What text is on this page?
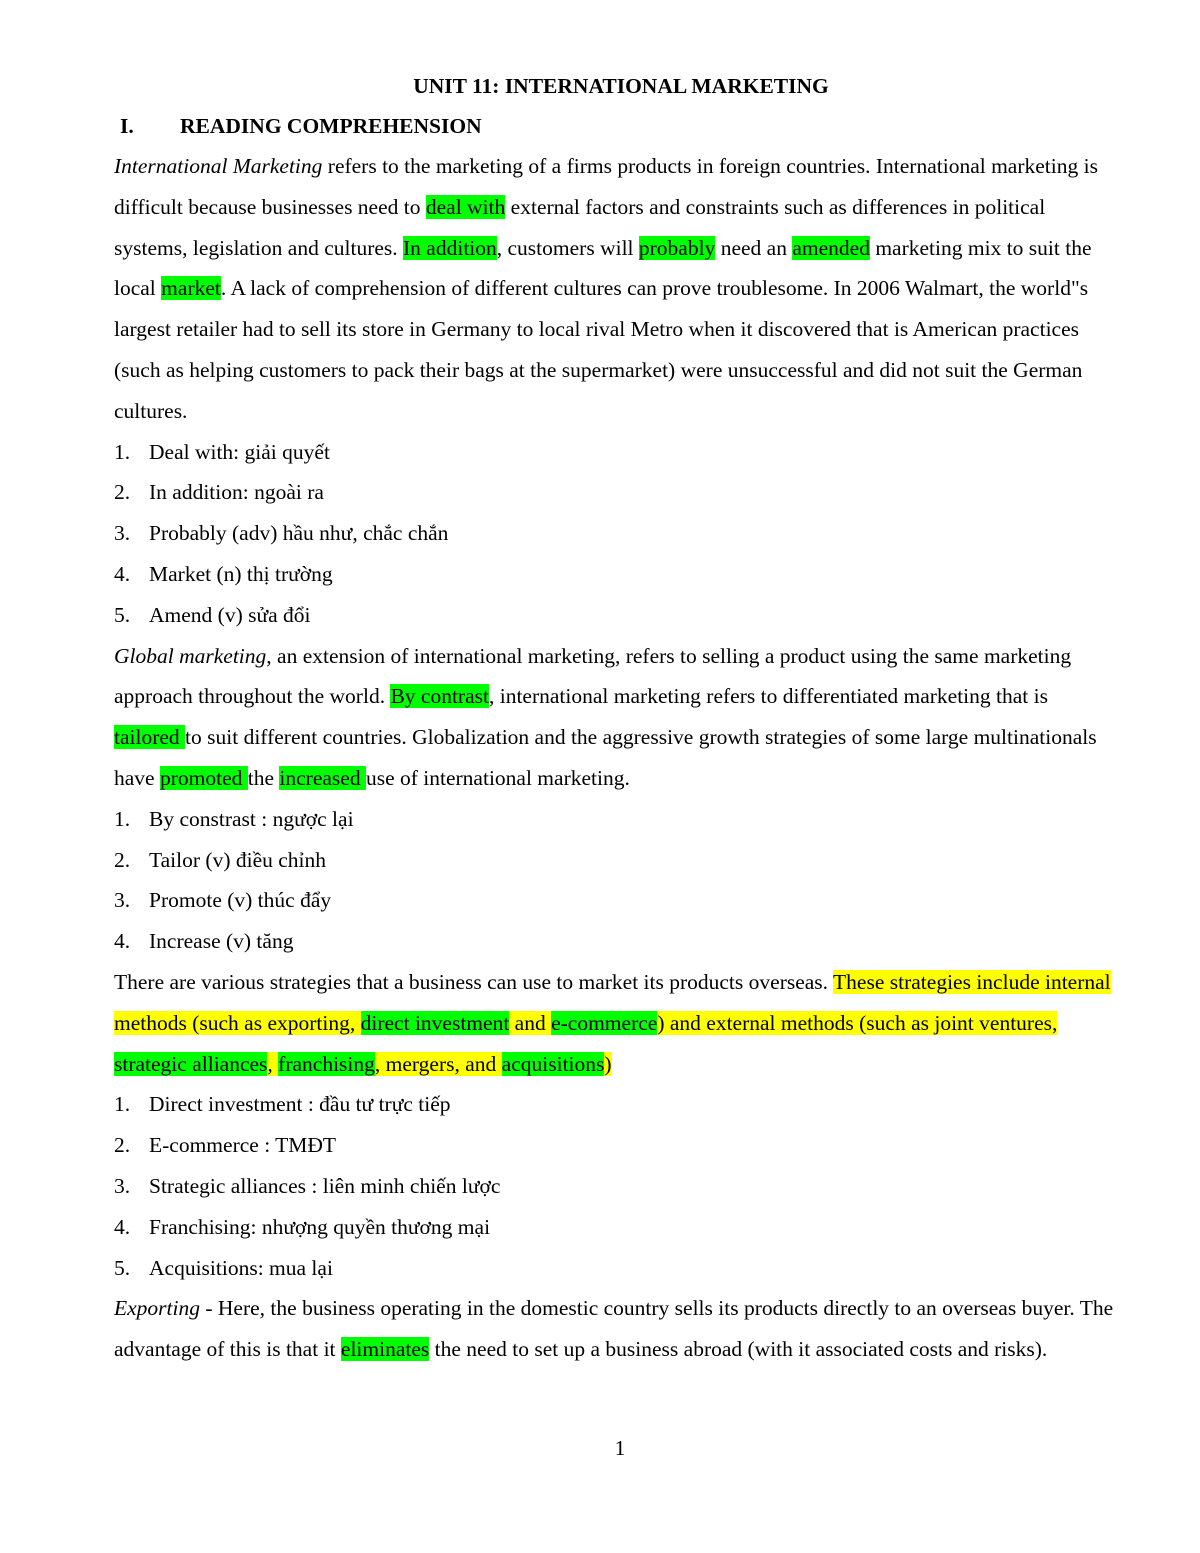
UNIT 11: INTERNATIONAL MARKETING
I. READING COMPREHENSION

International Marketing refers to the marketing of a firms products in foreign countries. International marketing is difficult because businesses need to deal with external factors and constraints such as differences in political systems, legislation and cultures. In addition, customers will probably need an amended marketing mix to suit the local market. A lack of comprehension of different cultures can prove troublesome. In 2006 Walmart, the world"s largest retailer had to sell its store in Germany to local rival Metro when it discovered that is American practices (such as helping customers to pack their bags at the supermarket) were unsuccessful and did not suit the German cultures.

1. Deal with: giải quyết
2. In addition: ngoài ra
3. Probably (adv) hầu như, chắc chắn
4. Market (n) thị trường
5. Amend (v) sửa đổi

Global marketing, an extension of international marketing, refers to selling a product using the same marketing approach throughout the world. By contrast, international marketing refers to differentiated marketing that is tailored to suit different countries. Globalization and the aggressive growth strategies of some large multinationals have promoted the increased use of international marketing.

1. By constrast : ngược lại
2. Tailor (v) điều chỉnh
3. Promote (v) thúc đẩy
4. Increase (v) tăng

There are various strategies that a business can use to market its products overseas. These strategies include internal methods (such as exporting, direct investment and e-commerce) and external methods (such as joint ventures, strategic alliances, franchising, mergers, and acquisitions)

1. Direct investment : đầu tư trực tiếp
2. E-commerce : TMĐT
3. Strategic alliances : liên minh chiến lược
4. Franchising: nhượng quyền thương mại
5. Acquisitions: mua lại

Exporting - Here, the business operating in the domestic country sells its products directly to an overseas buyer. The advantage of this is that it eliminates the need to set up a business abroad (with it associated costs and risks).

1
